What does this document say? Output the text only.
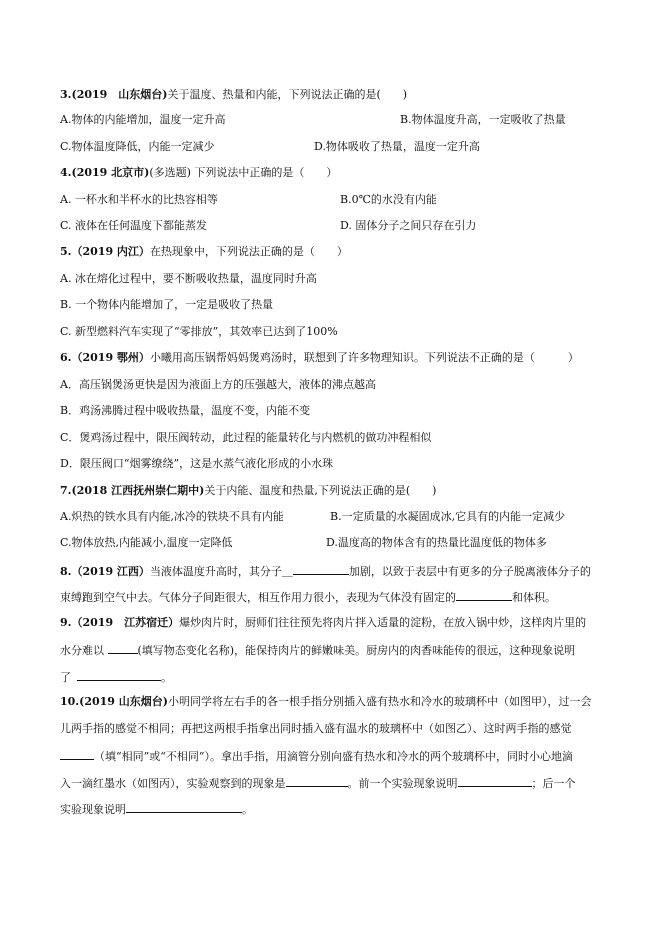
3.(2019　山东烟台)关于温度、热量和内能，下列说法正确的是(　　)
A.物体的内能增加，温度一定升高	B.物体温度升高，一定吸收了热量
C.物体温度降低，内能一定减少	D.物体吸收了热量，温度一定升高
4.(2019 北京市)(多选题) 下列说法中正确的是（　　）
A. 一杯水和半杯水的比热容相等	B.0℃的水没有内能
C. 液体在任何温度下都能蒸发	D. 固体分子之间只存在引力
5.（2019 内江）在热现象中，下列说法正确的是（　　）
A. 冰在熔化过程中，要不断吸收热量，温度同时升高
B. 一个物体内能增加了，一定是吸收了热量
C. 新型燃料汽车实现了“零排放”，其效率已达到了100%
6.（2019 鄂州）小曦用高压锅帮妈妈煲鸡汤时，联想到了许多物理知识。下列说法不正确的是（　　　）
A．高压锅煲汤更快是因为液面上方的压强越大，液体的沸点越高
B．鸡汤沸腾过程中吸收热量，温度不变，内能不变
C．煲鸡汤过程中，限压阀转动，此过程的能量转化与内燃机的做功冲程相似
D．限压阀口“烟雾缭绕”，这是水蒸气液化形成的小水珠
7.(2018 江西抚州崇仁期中)关于内能、温度和热量,下列说法正确的是(　　)
A.炽热的铁水具有内能,冰冷的铁块不具有内能	B.一定质量的水凝固成冰,它具有的内能一定减少
C.物体放热,内能减小,温度一定降低	D.温度高的物体含有的热量比温度低的物体多
8.（2019 江西）当液体温度升高时，其分子＿	加剧，以致于表层中有更多的分子脱离液体分子的
束缚跑到空气中去。气体分子间距很大，相互作用力很小，表现为气体没有固定的	和体积。
9.（2019　江苏宿迁）爆炒肉片时，厨师们往往预先将肉片拌入适量的淀粉，在放入锅中炒，这样肉片里的
水分难以	(填写物态变化名称)，能保持肉片的鲜嫩味美。厨房内的肉香味能传的很远，这种现象说明
了	。
10.(2019 山东烟台)小明同学将左右手的各一根手指分别插入盛有热水和冷水的玻璃杯中（如图甲），过一会
儿两手指的感觉不相同；再把这两根手指拿出同时插入盛有温水的玻璃杯中（如图乙）、这时两手指的感觉
（填“相同”或“不相同”）。拿出手指，用滴管分别向盛有热水和冷水的两个玻璃杯中，同时小心地滴
入一滴红墨水（如图丙），实验观察到的现象是	。前一个实验现象说明	；后一个
实验现象说明	。
